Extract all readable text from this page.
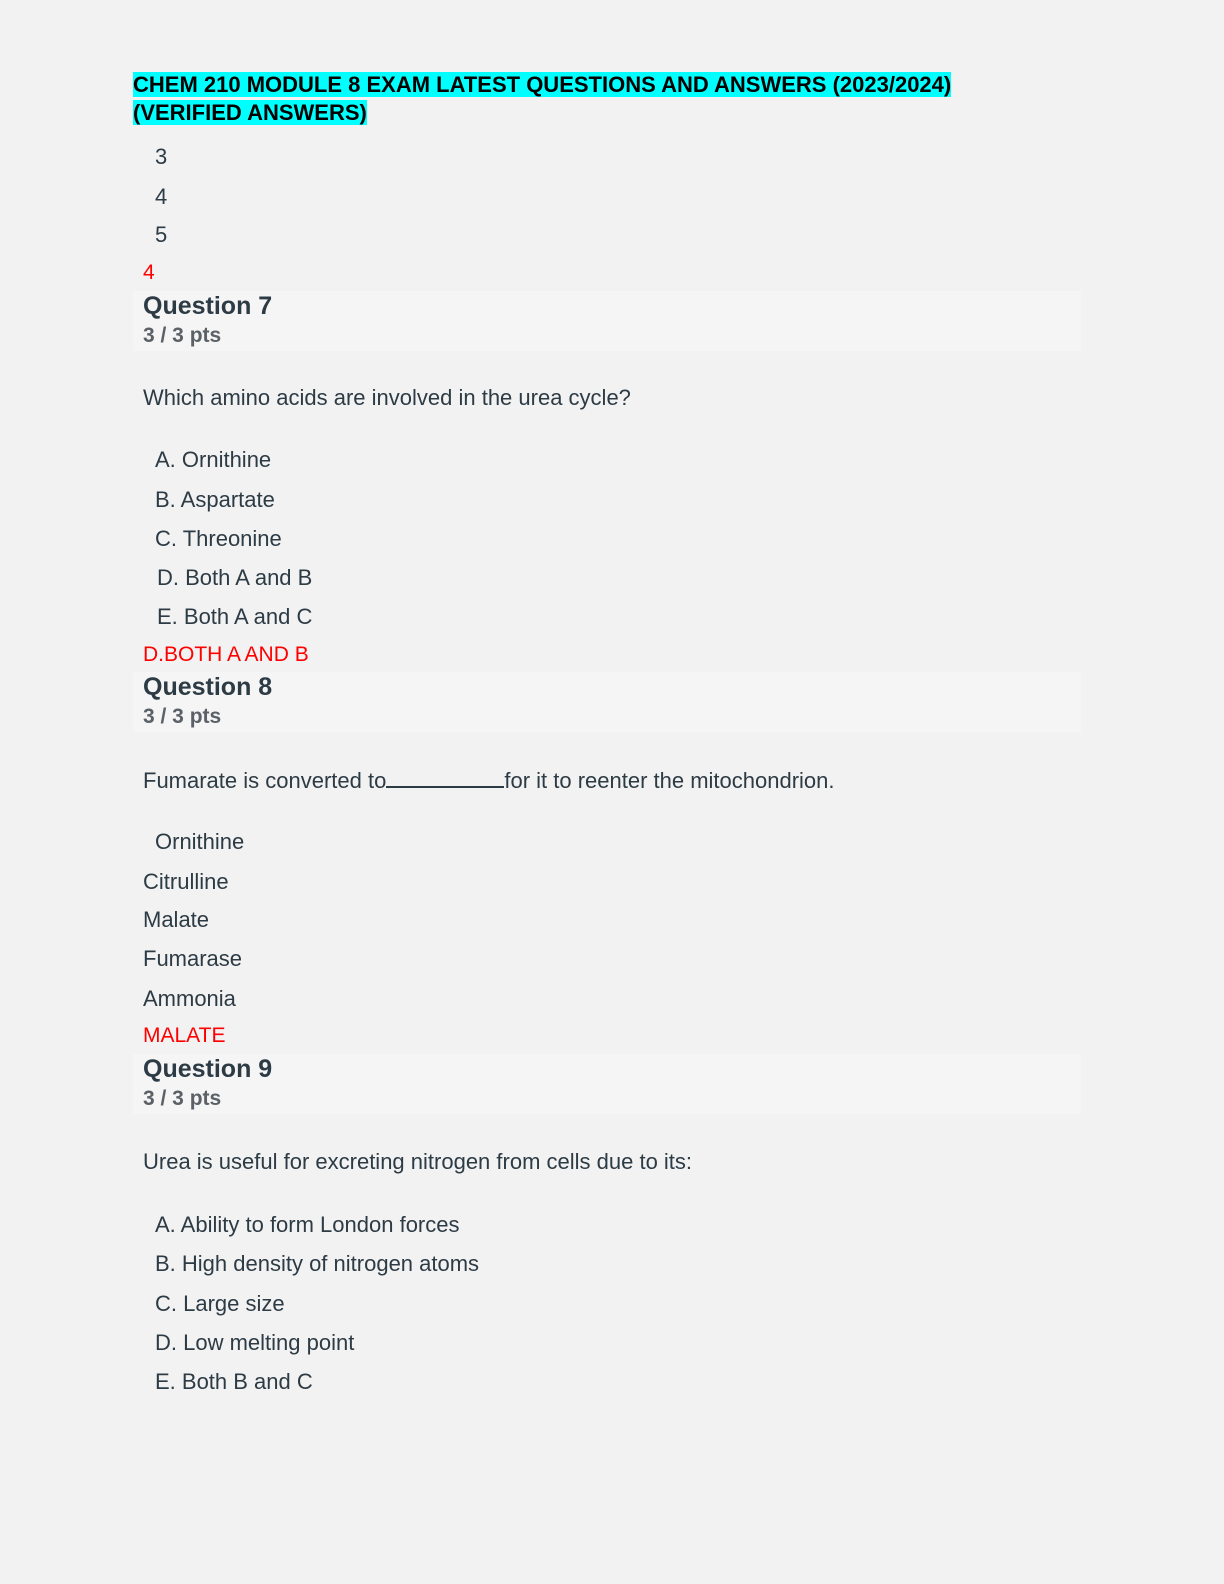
CHEM 210 MODULE 8 EXAM LATEST QUESTIONS AND ANSWERS (2023/2024)
(VERIFIED ANSWERS)
3
4
5
4
Question 7
3 / 3 pts
Which amino acids are involved in the urea cycle?
A. Ornithine
B. Aspartate
C. Threonine
D. Both A and B
E. Both A and C
D.BOTH A AND B
Question 8
3 / 3 pts
Fumarate is converted to	for it to reenter the mitochondrion.
Ornithine
Citrulline
Malate
Fumarase
Ammonia
MALATE
Question 9
3 / 3 pts
Urea is useful for excreting nitrogen from cells due to its:
A. Ability to form London forces
B. High density of nitrogen atoms
C. Large size
D. Low melting point
E. Both B and C
